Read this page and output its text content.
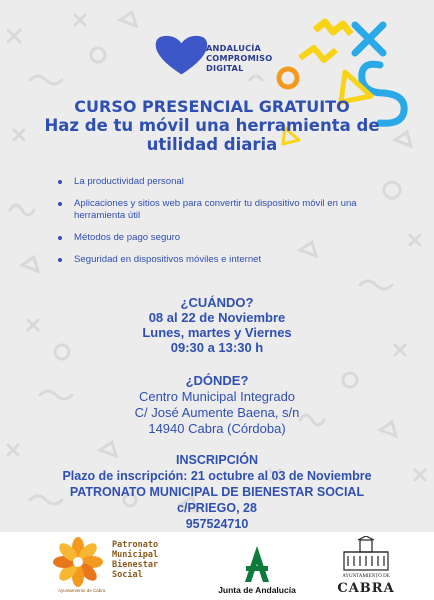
ANDALUCÍA
COMPROMISO
DIGITAL
CURSO PRESENCIAL GRATUITO
Haz de tu móvil una herramienta de
utilidad diaria
La productividad personal
Aplicaciones y sitios web para convertir tu dispositivo móvil en una herramienta útil
Métodos de pago seguro
Seguridad en dispositivos móviles e internet
¿CUÁNDO?
08 al 22 de Noviembre
Lunes, martes y Viernes
09:30 a 13:30 h
¿DÓNDE?
Centro Municipal Integrado
C/ José Aumente Baena, s/n
14940 Cabra (Córdoba)
INSCRIPCIÓN
Plazo de inscripción: 21 octubre al 03 de Noviembre
PATRONATO MUNICIPAL DE BIENESTAR SOCIAL
c/PRIEGO, 28
957524710
Patronato
Municipal
Bienestar
Social
Ayuntamiento de Cabra	Junta de Andalucía
AYUNTAMIENTO DE
CABRA
